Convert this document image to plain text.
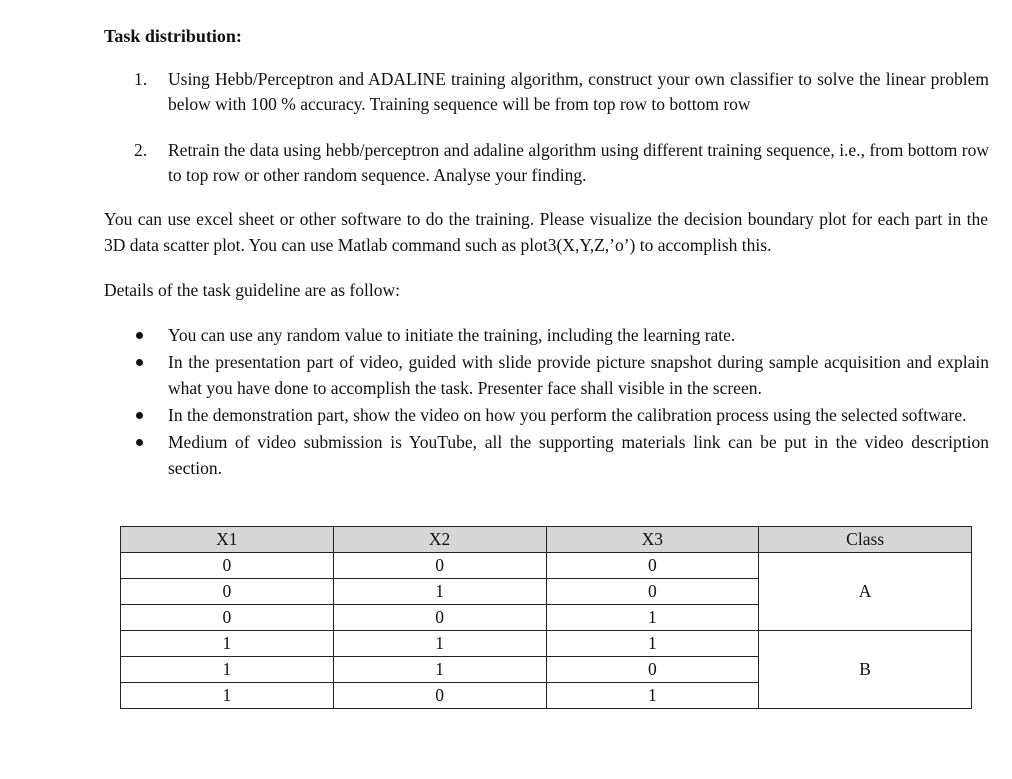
Task distribution:
1. Using Hebb/Perceptron and ADALINE training algorithm, construct your own classifier to solve the linear problem below with 100 % accuracy. Training sequence will be from top row to bottom row
2. Retrain the data using hebb/perceptron and adaline algorithm using different training sequence, i.e., from bottom row to top row or other random sequence. Analyse your finding.

You can use excel sheet or other software to do the training. Please visualize the decision boundary plot for each part in the 3D data scatter plot. You can use Matlab command such as plot3(X,Y,Z,’o’) to accomplish this.

Details of the task guideline are as follow:

You can use any random value to initiate the training, including the learning rate.
In the presentation part of video, guided with slide provide picture snapshot during sample acquisition and explain what you have done to accomplish the task. Presenter face shall visible in the screen.
In the demonstration part, show the video on how you perform the calibration process using the selected software.
Medium of video submission is YouTube, all the supporting materials link can be put in the video description section.
X1	X2	X3	Class
0	0	0	A
0	1	0	
0	0	1	
1	1	1	B
1	1	0	
1	0	1	
